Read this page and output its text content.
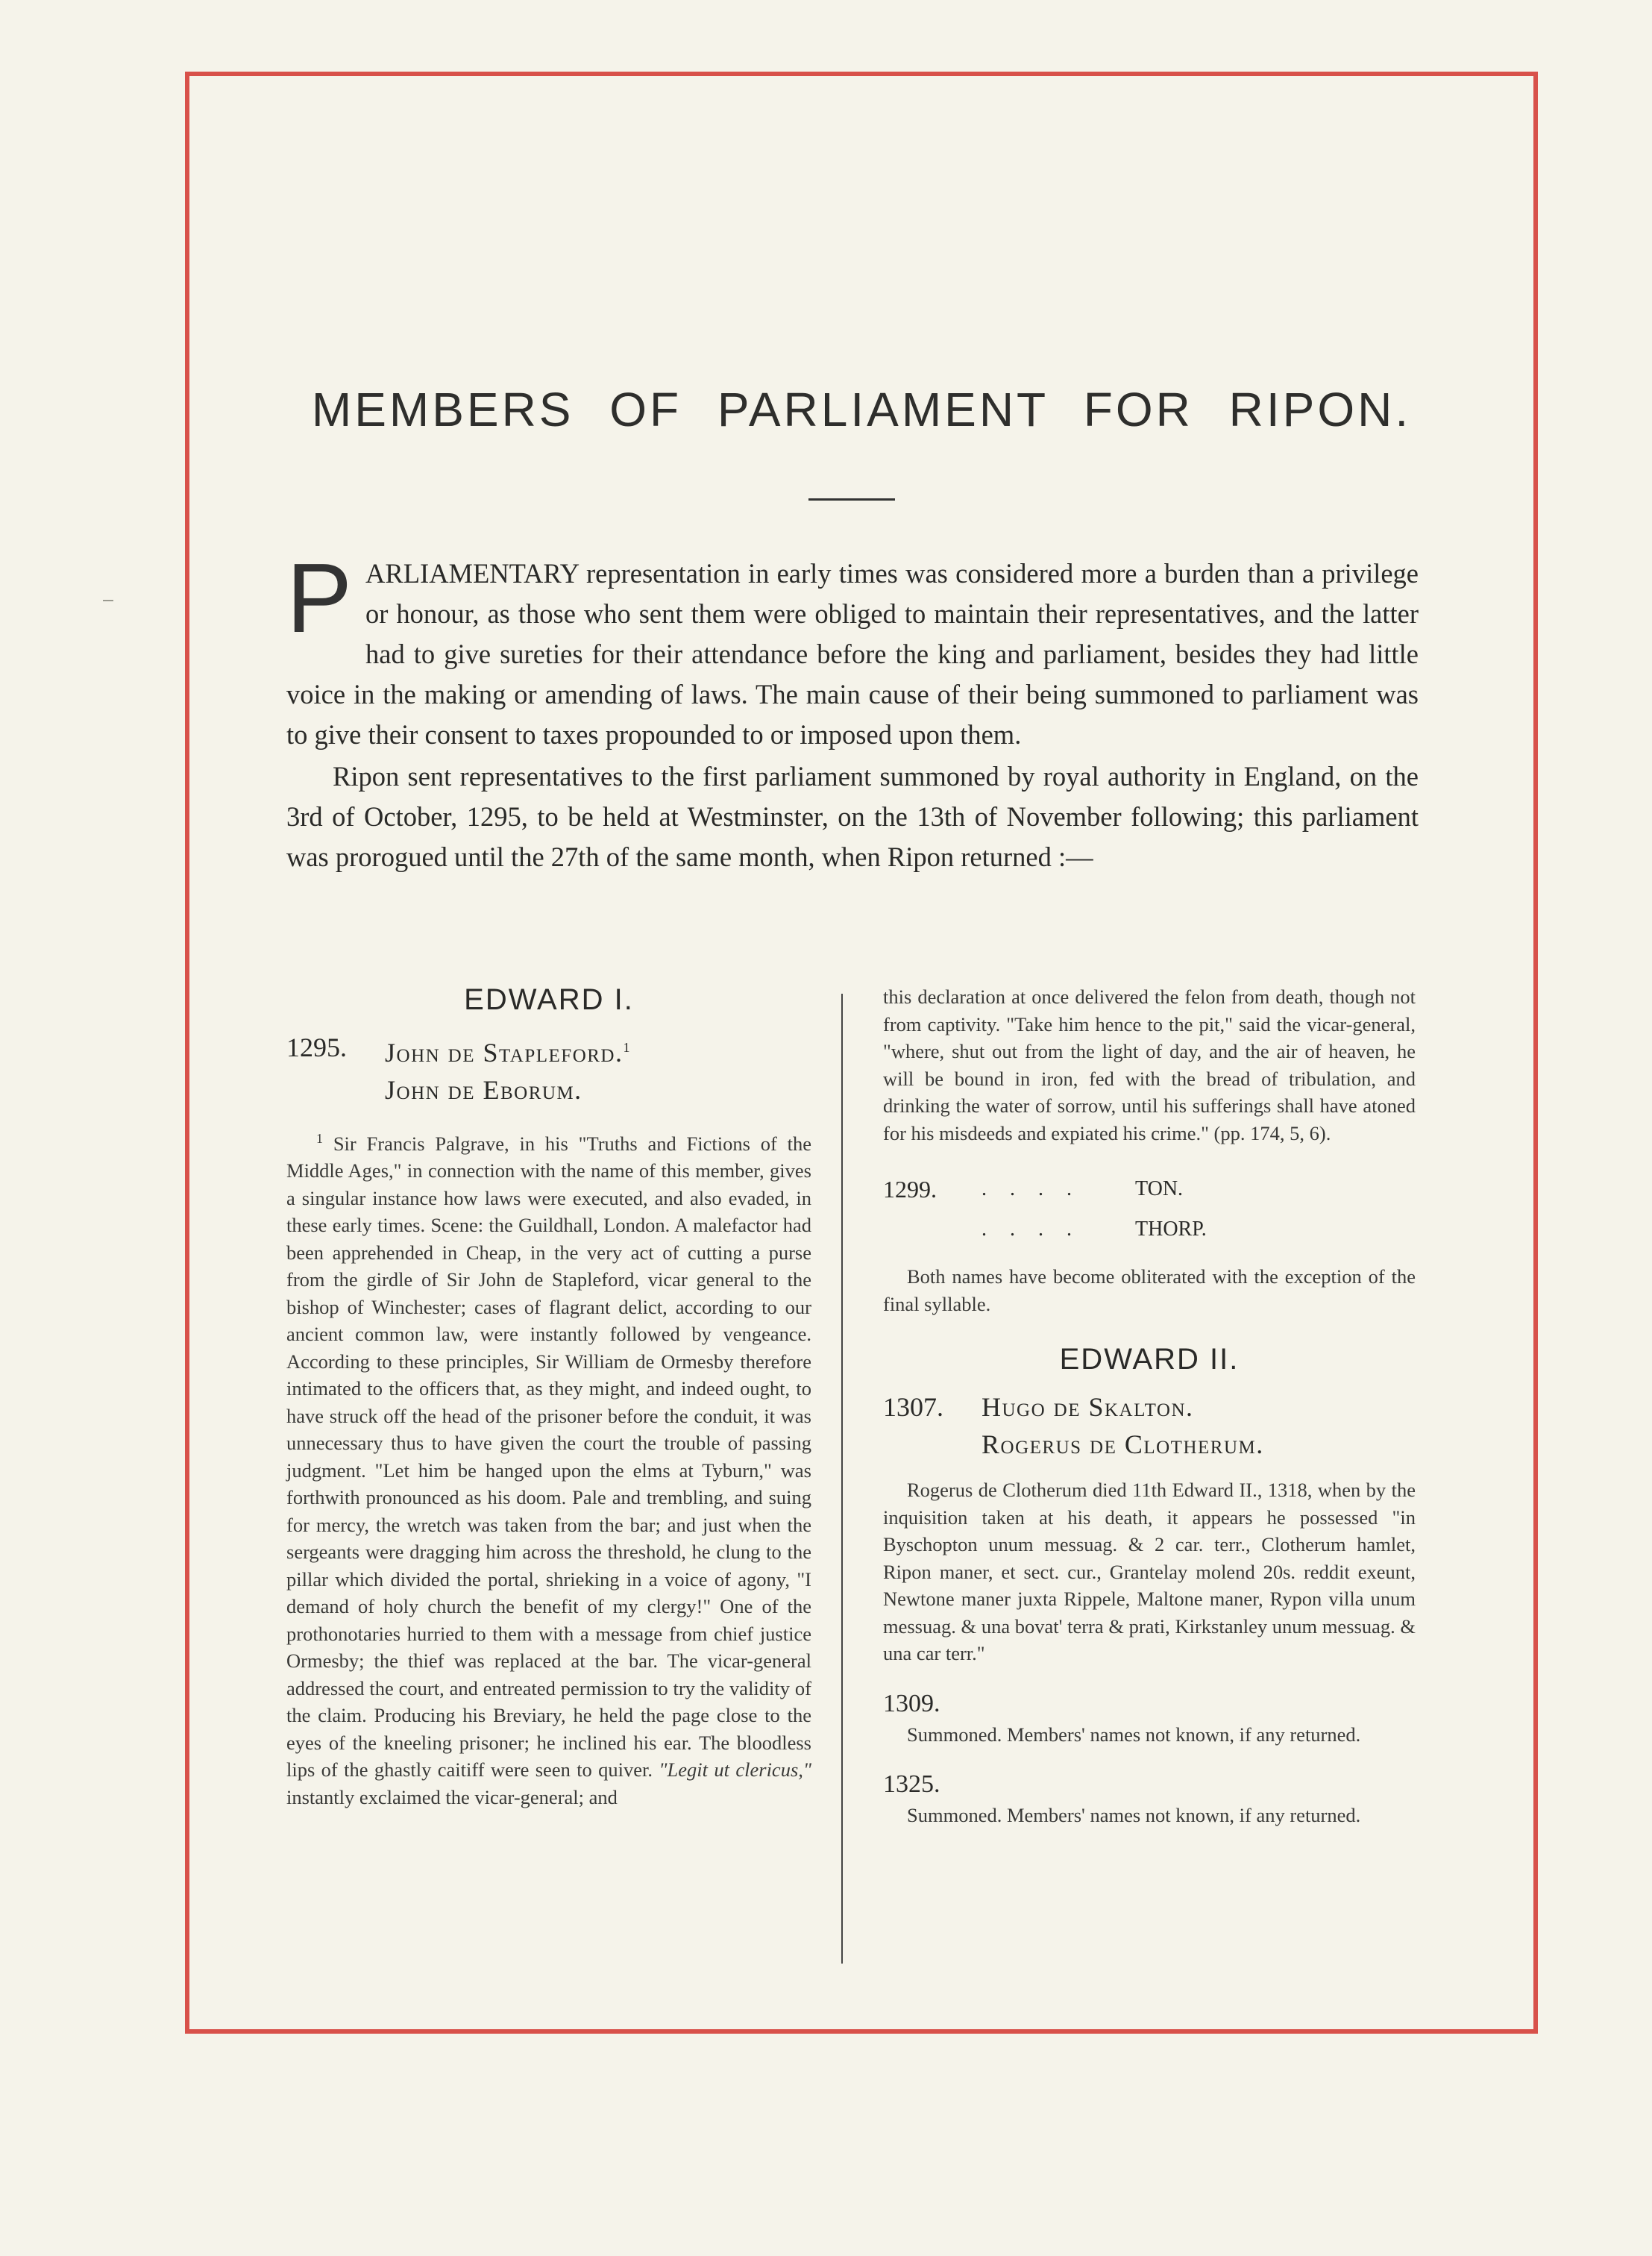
MEMBERS OF PARLIAMENT FOR RIPON.

PARLIAMENTARY representation in early times was considered more a burden than a privilege or honour, as those who sent them were obliged to maintain their representatives, and the latter had to give sureties for their attendance before the king and parliament, besides they had little voice in the making or amending of laws. The main cause of their being summoned to parliament was to give their consent to taxes propounded to or imposed upon them.

Ripon sent representatives to the first parliament summoned by royal authority in England, on the 3rd of October, 1295, to be held at Westminster, on the 13th of November following; this parliament was prorogued until the 27th of the same month, when Ripon returned :—

EDWARD I.
1295.	John de Stapleford.$^1$
John de Eborum.

$^1$ Sir Francis Palgrave, in his "Truths and Fictions of the Middle Ages," in connection with the name of this member, gives a singular instance how laws were executed, and also evaded, in these early times. Scene: the Guildhall, London. A malefactor had been apprehended in Cheap, in the very act of cutting a purse from the girdle of Sir John de Stapleford, vicar general to the bishop of Winchester; cases of flagrant delict, according to our ancient common law, were instantly followed by vengeance. According to these principles, Sir William de Ormesby therefore intimated to the officers that, as they might, and indeed ought, to have struck off the head of the prisoner before the conduit, it was unnecessary thus to have given the court the trouble of passing judgment. "Let him be hanged upon the elms at Tyburn," was forthwith pronounced as his doom. Pale and trembling, and suing for mercy, the wretch was taken from the bar; and just when the sergeants were dragging him across the threshold, he clung to the pillar which divided the portal, shrieking in a voice of agony, "I demand of holy church the benefit of my clergy!" One of the prothonotaries hurried to them with a message from chief justice Ormesby; the thief was replaced at the bar. The vicar-general addressed the court, and entreated permission to try the validity of the claim. Producing his Breviary, he held the page close to the eyes of the kneeling prisoner; he inclined his ear. The bloodless lips of the ghastly caitiff were seen to quiver. "Legit ut clericus," instantly exclaimed the vicar-general; and

this declaration at once delivered the felon from death, though not from captivity. "Take him hence to the pit," said the vicar-general, "where, shut out from the light of day, and the air of heaven, he will be bound in iron, fed with the bread of tribulation, and drinking the water of sorrow, until his sufferings shall have atoned for his misdeeds and expiated his crime." (pp. 174, 5, 6).

1299.	. . . .	TON.
. . . .	THORP.

Both names have become obliterated with the exception of the final syllable.

EDWARD II.
1307.	Hugo de Skalton.
Rogerus de Clotherum.

Rogerus de Clotherum died 11th Edward II., 1318, when by the inquisition taken at his death, it appears he possessed "in Byschopton unum messuag. & 2 car. terr., Clotherum hamlet, Ripon maner, et sect. cur., Grantelay molend 20s. reddit exeunt, Newtone maner juxta Rippele, Maltone maner, Rypon villa unum messuag. & una bovat' terra & prati, Kirkstanley unum messuag. & una car terr."

1309.

Summoned. Members' names not known, if any returned.

1325.

Summoned. Members' names not known, if any returned.
